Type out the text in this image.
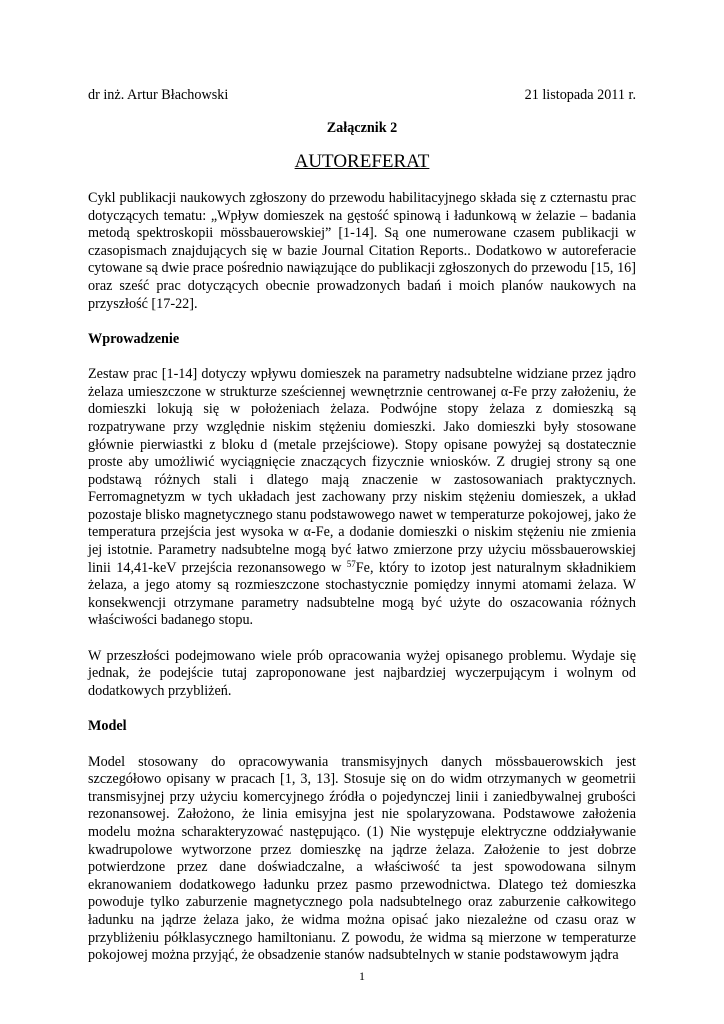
dr inż. Artur Błachowski	21 listopada 2011 r.
Załącznik 2
AUTOREFERAT

Cykl publikacji naukowych zgłoszony do przewodu habilitacyjnego składa się z czternastu prac dotyczących tematu: „Wpływ domieszek na gęstość spinową i ładunkową w żelazie – badania metodą spektroskopii mössbauerowskiej” [1-14]. Są one numerowane czasem publikacji w czasopismach znajdujących się w bazie Journal Citation Reports.. Dodatkowo w autoreferacie cytowane są dwie prace pośrednio nawiązujące do publikacji zgłoszonych do przewodu [15, 16] oraz sześć prac dotyczących obecnie prowadzonych badań i moich planów naukowych na przyszłość [17-22].

Wprowadzenie

Zestaw prac [1-14] dotyczy wpływu domieszek na parametry nadsubtelne widziane przez jądro żelaza umieszczone w strukturze sześciennej wewnętrznie centrowanej α-Fe przy założeniu, że domieszki lokują się w położeniach żelaza. Podwójne stopy żelaza z domieszką są rozpatrywane przy względnie niskim stężeniu domieszki. Jako domieszki były stosowane głównie pierwiastki z bloku d (metale przejściowe). Stopy opisane powyżej są dostatecznie proste aby umożliwić wyciągnięcie znaczących fizycznie wniosków. Z drugiej strony są one podstawą różnych stali i dlatego mają znaczenie w zastosowaniach praktycznych. Ferromagnetyzm w tych układach jest zachowany przy niskim stężeniu domieszek, a układ pozostaje blisko magnetycznego stanu podstawowego nawet w temperaturze pokojowej, jako że temperatura przejścia jest wysoka w α-Fe, a dodanie domieszki o niskim stężeniu nie zmienia jej istotnie. Parametry nadsubtelne mogą być łatwo zmierzone przy użyciu mössbauerowskiej linii 14,41-keV przejścia rezonansowego w $^{57}$Fe, który to izotop jest naturalnym składnikiem żelaza, a jego atomy są rozmieszczone stochastycznie pomiędzy innymi atomami żelaza. W konsekwencji otrzymane parametry nadsubtelne mogą być użyte do oszacowania różnych właściwości badanego stopu.

W przeszłości podejmowano wiele prób opracowania wyżej opisanego problemu. Wydaje się jednak, że podejście tutaj zaproponowane jest najbardziej wyczerpującym i wolnym od dodatkowych przybliżeń.

Model

Model stosowany do opracowywania transmisyjnych danych mössbauerowskich jest szczegółowo opisany w pracach [1, 3, 13]. Stosuje się on do widm otrzymanych w geometrii transmisyjnej przy użyciu komercyjnego źródła o pojedynczej linii i zaniedbywalnej grubości rezonansowej. Założono, że linia emisyjna jest nie spolaryzowana. Podstawowe założenia modelu można scharakteryzować następująco. (1) Nie występuje elektryczne oddziaływanie kwadrupolowe wytworzone przez domieszkę na jądrze żelaza. Założenie to jest dobrze potwierdzone przez dane doświadczalne, a właściwość ta jest spowodowana silnym ekranowaniem dodatkowego ładunku przez pasmo przewodnictwa. Dlatego też domieszka powoduje tylko zaburzenie magnetycznego pola nadsubtelnego oraz zaburzenie całkowitego ładunku na jądrze żelaza jako, że widma można opisać jako niezależne od czasu oraz w przybliżeniu półklasycznego hamiltonianu. Z powodu, że widma są mierzone w temperaturze pokojowej można przyjąć, że obsadzenie stanów nadsubtelnych w stanie podstawowym jądra

1
